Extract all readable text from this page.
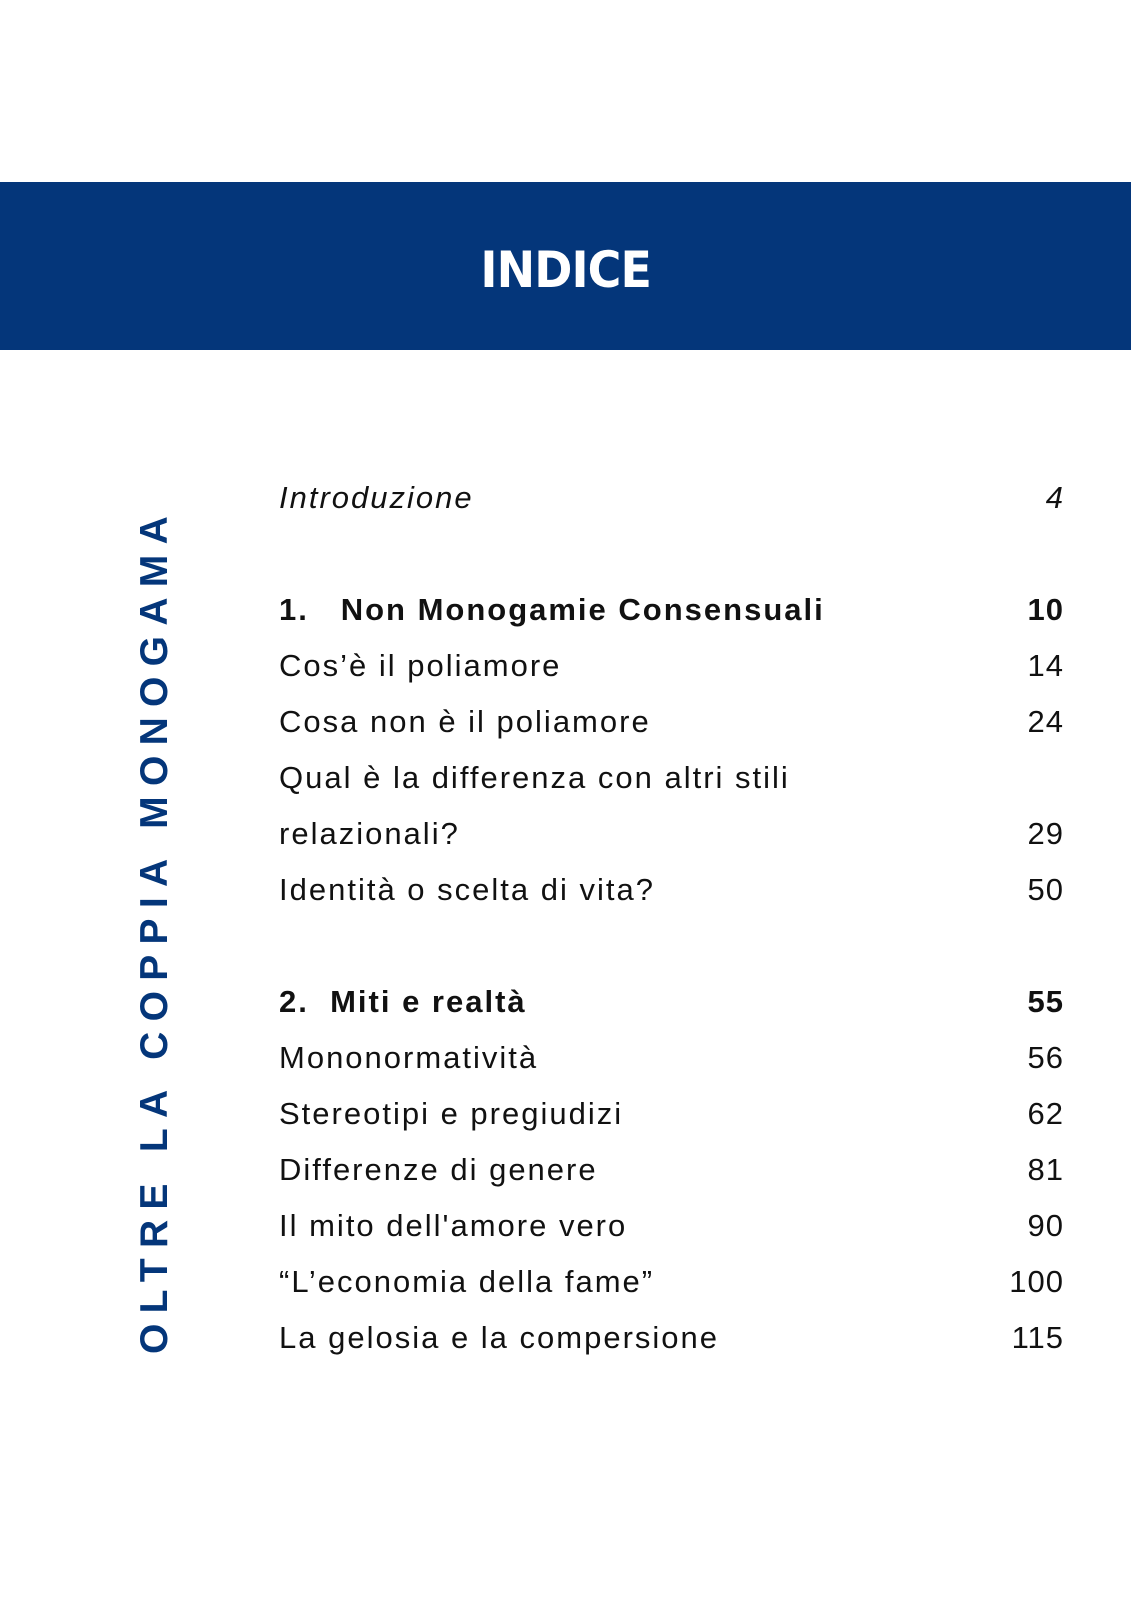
INDICE
OLTRE LA COPPIA MONOGAMA
Introduzione	4
1.   Non Monogamie Consensuali	10
Cos’è il poliamore	14
Cosa non è il poliamore	24
Qual è la differenza con altri stili
relazionali?	29
Identità o scelta di vita?	50
2.  Miti e realtà	55
Mononormatività	56
Stereotipi e pregiudizi	62
Differenze di genere	81
Il mito dell'amore vero	90
“L’economia della fame”	100
La gelosia e la compersione	115
